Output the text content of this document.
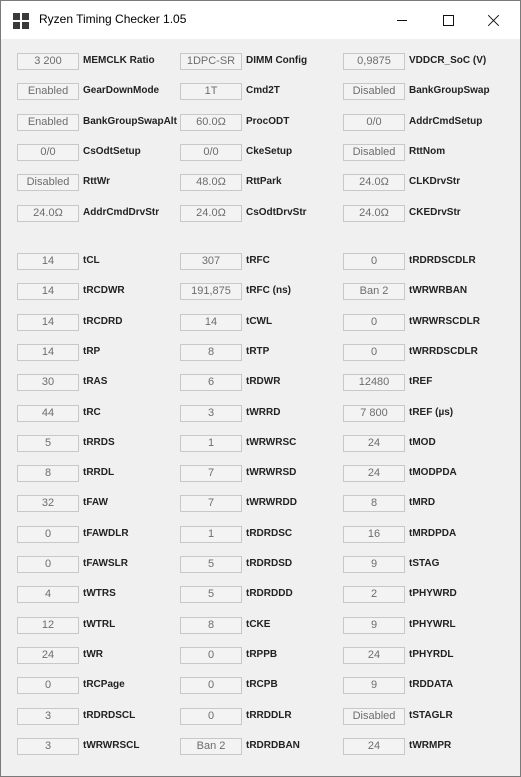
Ryzen Timing Checker 1.05
3 200	MEMCLK Ratio	1DPC-SR	DIMM Config	0,9875	VDDCR_SoC (V)
Enabled	GearDownMode	1T	Cmd2T	Disabled	BankGroupSwap
Enabled	BankGroupSwapAlt	60.0Ω	ProcODT	0/0	AddrCmdSetup
0/0	CsOdtSetup	0/0	CkeSetup	Disabled	RttNom
Disabled	RttWr	48.0Ω	RttPark	24.0Ω	CLKDrvStr
24.0Ω	AddrCmdDrvStr	24.0Ω	CsOdtDrvStr	24.0Ω	CKEDrvStr
14	tCL	307	tRFC	0	tRDRDSCDLR
14	tRCDWR	191,875	tRFC (ns)	Ban 2	tWRWRBAN
14	tRCDRD	14	tCWL	0	tWRWRSCDLR
14	tRP	8	tRTP	0	tWRRDSCDLR
30	tRAS	6	tRDWR	12480	tREF
44	tRC	3	tWRRD	7 800	tREF (µs)
5	tRRDS	1	tWRWRSC	24	tMOD
8	tRRDL	7	tWRWRSD	24	tMODPDA
32	tFAW	7	tWRWRDD	8	tMRD
0	tFAWDLR	1	tRDRDSC	16	tMRDPDA
0	tFAWSLR	5	tRDRDSD	9	tSTAG
4	tWTRS	5	tRDRDDD	2	tPHYWRD
12	tWTRL	8	tCKE	9	tPHYWRL
24	tWR	0	tRPPB	24	tPHYRDL
0	tRCPage	0	tRCPB	9	tRDDATA
3	tRDRDSCL	0	tRRDDLR	Disabled	tSTAGLR
3	tWRWRSCL	Ban 2	tRDRDBAN	24	tWRMPR
